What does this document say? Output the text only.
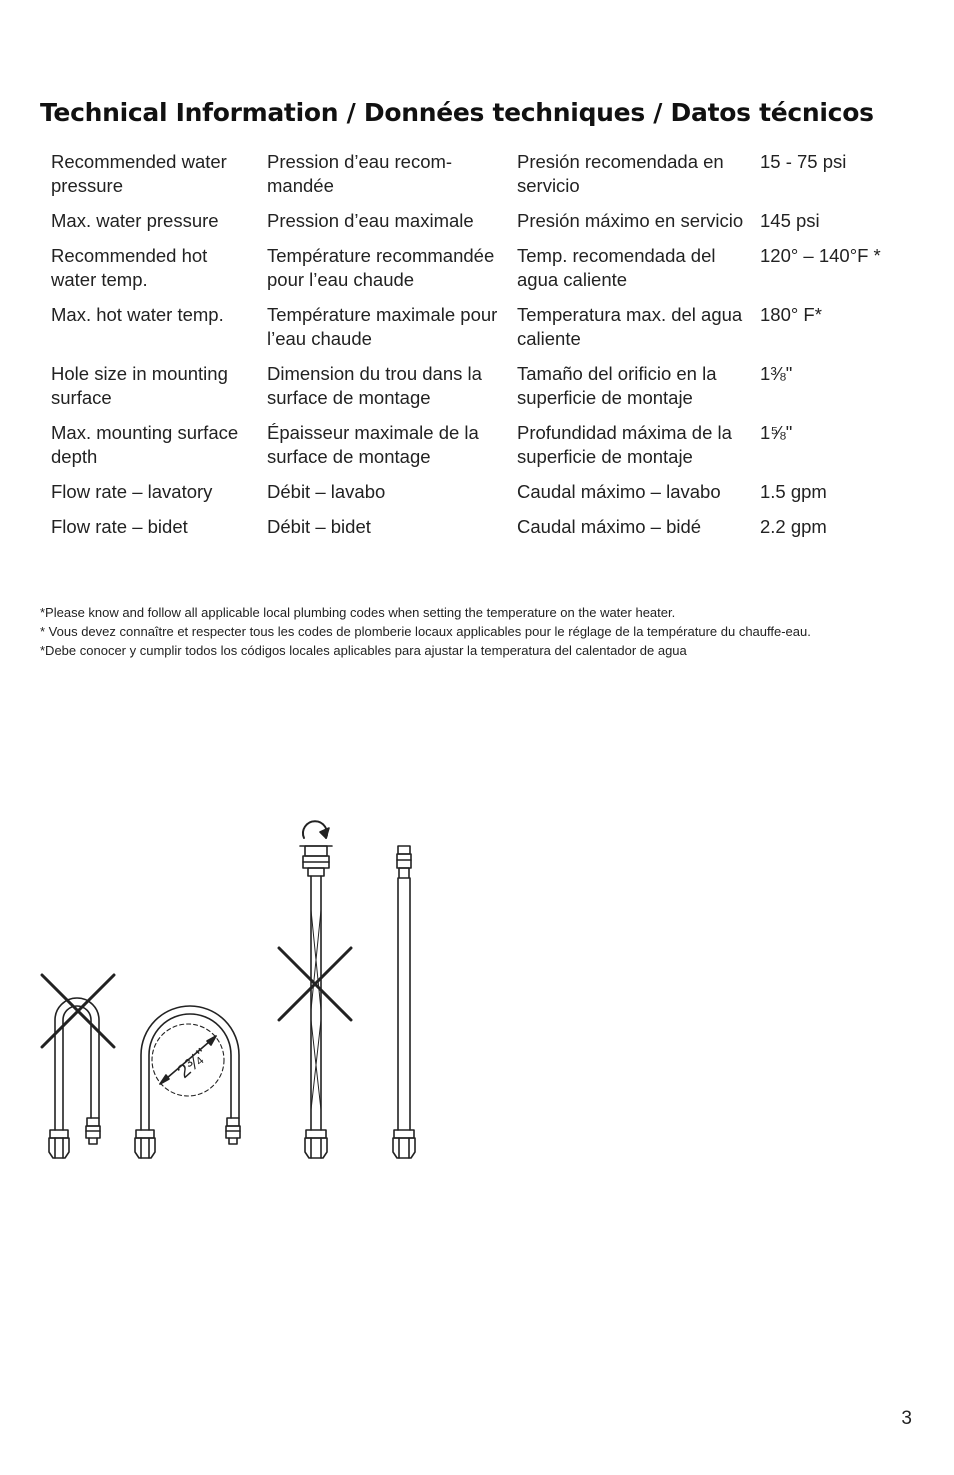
Technical Information / Données techniques / Datos técnicos
Recommended water pressure	Pression d’eau recom-mandée	Presión recomendada en servicio	15 - 75 psi
Max. water pressure	Pression d’eau maximale	Presión máximo en servicio	145 psi
Recommended hot water temp.	Température recommandée pour l’eau chaude	Temp. recomendada del agua caliente	120° – 140°F *
Max. hot water temp.	Température maximale pour l’eau chaude	Temperatura max. del agua caliente	180° F*
Hole size in mounting surface	Dimension du trou dans la surface de montage	Tamaño del orificio en la superficie de montaje	1⅜"
Max. mounting surface depth	Épaisseur maximale de la surface de montage	Profundidad máxima de la superficie de montaje	1⅝"
Flow rate – lavatory	Débit – lavabo	Caudal máximo – lavabo	1.5 gpm
Flow rate – bidet	Débit – bidet	Caudal máximo – bidé	2.2 gpm
*Please know and follow all applicable local plumbing codes when setting the temperature on the water heater.
* Vous devez connaître et respecter tous les codes de plomberie locaux applicables pour le réglage de la température du chauffe-eau.
*Debe conocer y cumplir todos los códigos locales aplicables para ajustar la temperatura del calentador de agua
2¾"
3
